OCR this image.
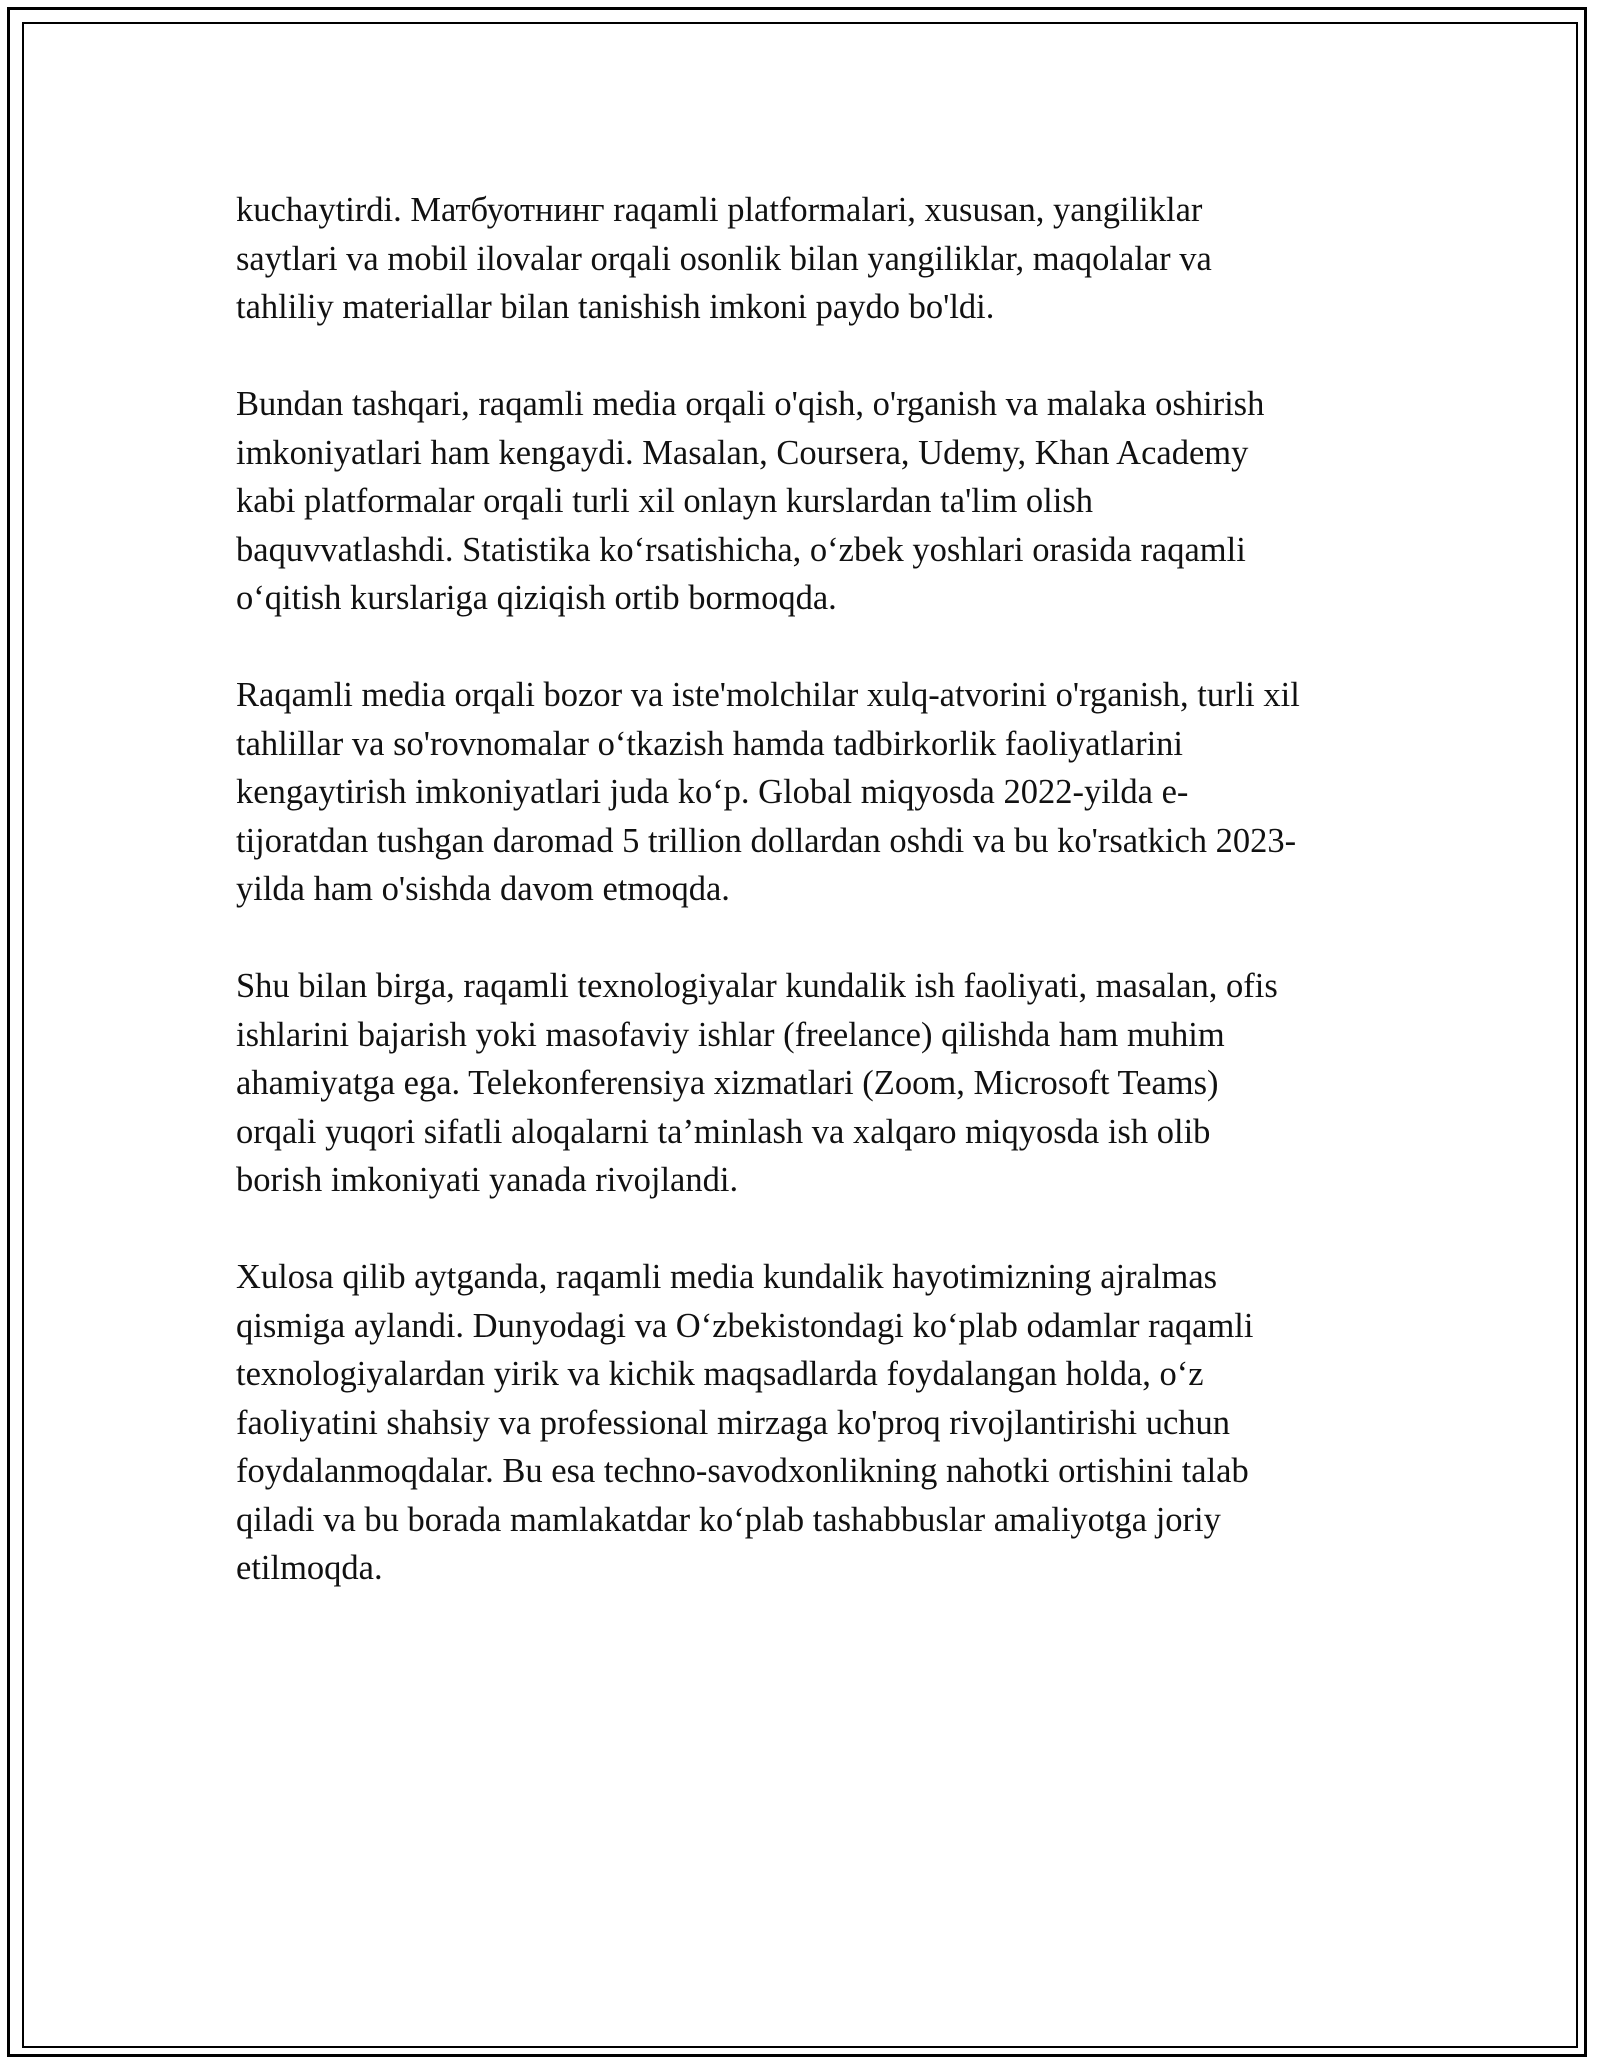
kuchaytirdi. Матбуотнинг raqamli platformalari, xususan, yangiliklar
saytlari va mobil ilovalar orqali osonlik bilan yangiliklar, maqolalar va
tahliliy materiallar bilan tanishish imkoni paydo bo'ldi.

Bundan tashqari, raqamli media orqali o'qish, o'rganish va malaka oshirish
imkoniyatlari ham kengaydi. Masalan, Coursera, Udemy, Khan Academy
kabi platformalar orqali turli xil onlayn kurslardan ta'lim olish
baquvvatlashdi. Statistika ko‘rsatishicha, o‘zbek yoshlari orasida raqamli
o‘qitish kurslariga qiziqish ortib bormoqda.

Raqamli media orqali bozor va iste'molchilar xulq-atvorini o'rganish, turli xil
tahlillar va so'rovnomalar o‘tkazish hamda tadbirkorlik faoliyatlarini
kengaytirish imkoniyatlari juda ko‘p. Global miqyosda 2022-yilda e-
tijoratdan tushgan daromad 5 trillion dollardan oshdi va bu ko'rsatkich 2023-
yilda ham o'sishda davom etmoqda.

Shu bilan birga, raqamli texnologiyalar kundalik ish faoliyati, masalan, ofis
ishlarini bajarish yoki masofaviy ishlar (freelance) qilishda ham muhim
ahamiyatga ega. Telekonferensiya xizmatlari (Zoom, Microsoft Teams)
orqali yuqori sifatli aloqalarni ta’minlash va xalqaro miqyosda ish olib
borish imkoniyati yanada rivojlandi.

Xulosa qilib aytganda, raqamli media kundalik hayotimizning ajralmas
qismiga aylandi. Dunyodagi va O‘zbekistondagi ko‘plab odamlar raqamli
texnologiyalardan yirik va kichik maqsadlarda foydalangan holda, o‘z
faoliyatini shahsiy va professional mirzaga ko'proq rivojlantirishi uchun
foydalanmoqdalar. Bu esa techno-savodxonlikning nahotki ortishini talab
qiladi va bu borada mamlakatdar ko‘plab tashabbuslar amaliyotga joriy
etilmoqda.
